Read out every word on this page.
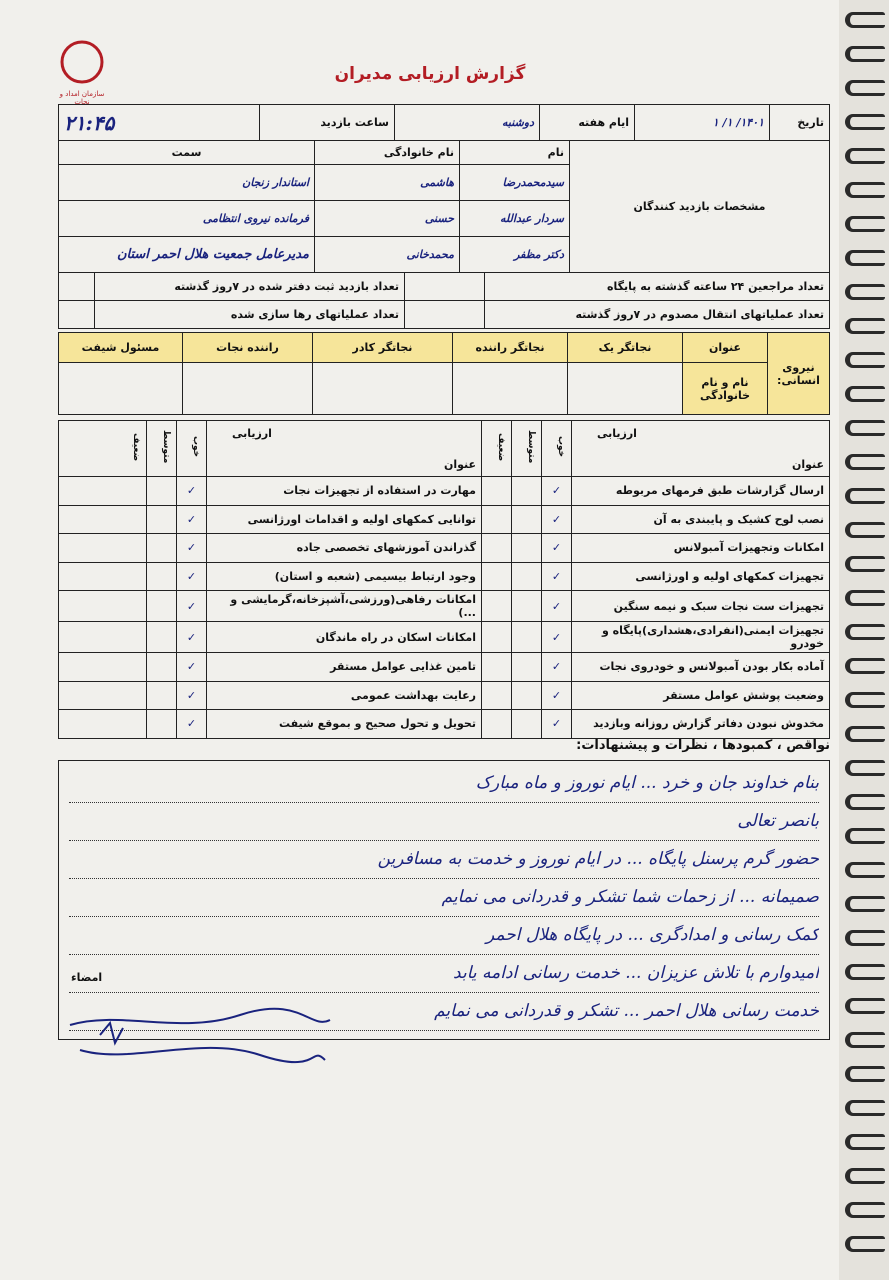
سازمان امداد و نجات
گزارش ارزیابی مدیران
تاریخ	۱۴۰۱/ ۱/ ۱	ایام هفته	دوشنبه	ساعت بازدید	۲۱:۴۵
مشخصات بازدید کنندگان	نام	نام خانوادگی	سمت
	سیدمحمدرضا	هاشمی	استاندار زنجان
	سردار عبدالله	حسنی	فرمانده نیروی انتظامی
	دکتر مظفر	محمدخانی	مدیرعامل جمعیت هلال احمر استان
تعداد مراجعین ۲۴ ساعته گذشته به پایگاه		تعداد بازدید ثبت دفتر شده در ۷روز گذشته	
تعداد عملیاتهای انتقال مصدوم در ۷روز گذشته		تعداد عملیاتهای رها سازی شده	
نیروی انسانی:	عنوان	نجاتگر یک	نجاتگر راننده	نجاتگر کادر	راننده نجات	مسئول شیفت
	نام و نام خانوادگی					
عنوان
ارزیابی	خوب	متوسط	ضعیف	عنوان
ارزیابی	خوب	متوسط	ضعیف
ارسال گزارشات طبق فرمهای مربوطه	✓			مهارت در استفاده از تجهیزات نجات	✓		
نصب لوح کشیک و پایبندی به آن	✓			توانایی کمکهای اولیه و اقدامات اورژانسی	✓		
امکانات وتجهیزات آمبولانس	✓			گذراندن آموزشهای تخصصی جاده	✓		
تجهیزات کمکهای اولیه و اورژانسی	✓			وجود ارتباط بیسیمی (شعبه و استان)	✓		
تجهیزات ست نجات سبک و نیمه سنگین	✓			امکانات رفاهی(ورزشی،آشپزخانه،گرمایشی و ...)	✓		
تجهیزات ایمنی(انفرادی،هشداری)پایگاه و خودرو	✓			امکانات اسکان در راه ماندگان	✓		
آماده بکار بودن آمبولانس و خودروی نجات	✓			تامین غذایی عوامل مستقر	✓		
وضعیت پوشش عوامل مستقر	✓			رعایت بهداشت عمومی	✓		
مخدوش نبودن دفاتر گزارش روزانه وبازدید	✓			تحویل و تحول صحیح و بموقع شیفت	✓		
نواقص ، کمبودها ، نظرات و پیشنهادات:
بنام خداوند جان و خرد ... ایام نوروز و ماه مبارک
بانصر تعالی
حضور گرم پرسنل پایگاه ... در ایام نوروز و خدمت به مسافرین
صمیمانه ... از زحمات شما تشکر و قدردانی می نمایم
کمک رسانی و امدادگری ... در پایگاه هلال احمر
امیدوارم با تلاش عزیزان ... خدمت رسانی ادامه یابد
خدمت رسانی هلال احمر ... تشکر و قدردانی می نمایم
امضاء
